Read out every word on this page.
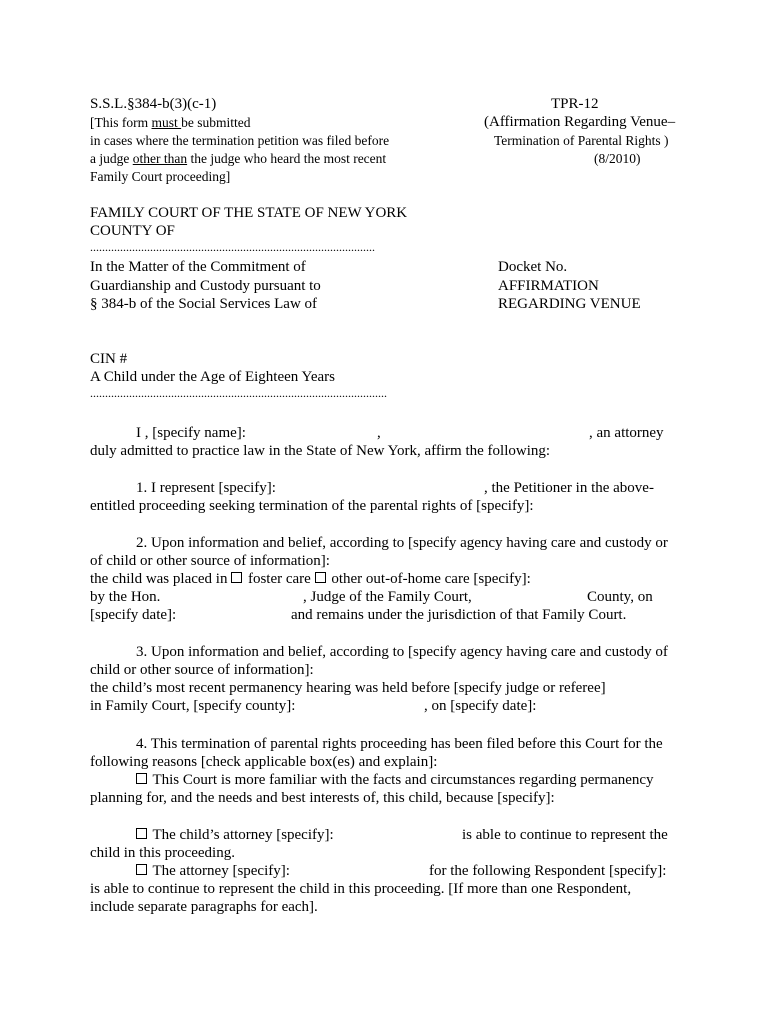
S.S.L.§384-b(3)(c-1)
[This form must be submitted
in cases where the termination petition was filed before
a judge other than the judge who heard the most recent
Family Court proceeding]
TPR-12
(Affirmation Regarding Venue–
Termination of Parental Rights )
(8/2010)
FAMILY COURT OF THE STATE OF NEW YORK
COUNTY OF
...............................................................................................
In the Matter of the Commitment of
Guardianship and Custody pursuant to
§ 384-b of the Social Services Law of
Docket No.
AFFIRMATION
REGARDING VENUE
CIN #
A Child under the Age of Eighteen Years
...................................................................................................
I , [specify name]:	,	, an attorney
duly admitted to practice law in the State of New York, affirm the following:
1. I represent [specify]:	, the Petitioner in the above-
entitled proceeding seeking termination of the parental rights of [specify]:
2. Upon information and belief, according to [specify agency having care and custody or
of child or other source of information]:
the child was placed in  foster care  other out-of-home care [specify]:
by the Hon.	, Judge of the Family Court,	County, on
[specify date]:	and remains under the jurisdiction of that Family Court.
3. Upon information and belief, according to [specify agency having care and custody of
child or other source of information]:
the child’s most recent permanency hearing was held before [specify judge or referee]
in Family Court, [specify county]:	, on [specify date]:
4. This termination of parental rights proceeding has been filed before this Court for the
following reasons [check applicable box(es) and explain]:
This Court is more familiar with the facts and circumstances regarding permanency
planning for, and the needs and best interests of, this child, because [specify]:
The child’s attorney [specify]:	is able to continue to represent the
child in this proceeding.
The attorney [specify]:	for the following Respondent [specify]:
is able to continue to represent the child in this proceeding. [If more than one Respondent,
include separate paragraphs for each].
